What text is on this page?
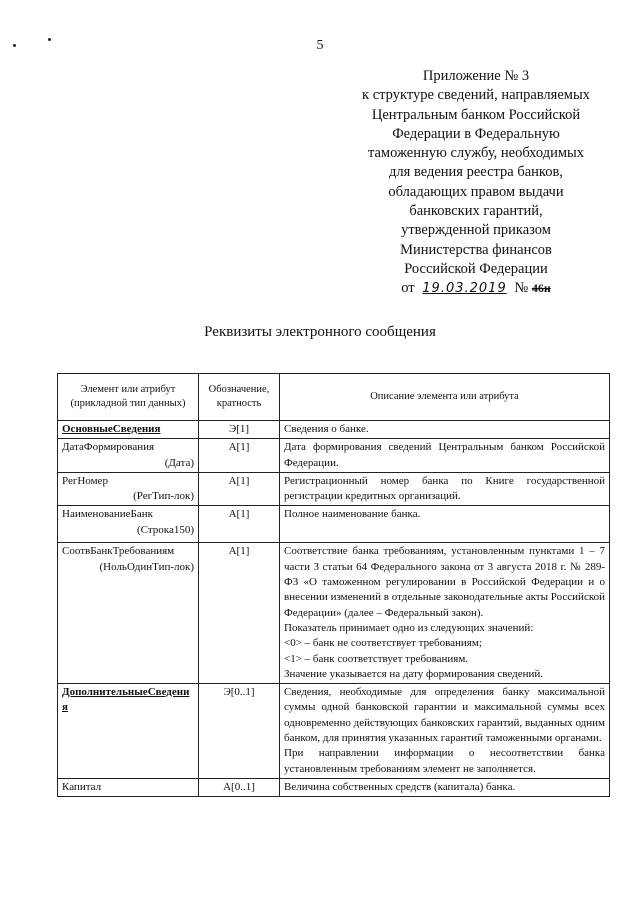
5
Приложение № 3
к структуре сведений, направляемых
Центральным банком Российской
Федерации в Федеральную
таможенную службу, необходимых
для ведения реестра банков,
обладающих правом выдачи
банковских гарантий,
утвержденной приказом
Министерства финансов
Российской Федерации
от 19.03.2019 № 46н
Реквизиты электронного сообщения
Элемент или атрибут (прикладной тип данных)	Обозначение, кратность	Описание элемента или атрибута
ОсновныеСведения	Э[1]	Сведения о банке.

ДатаФормирования
(Дата)	А[1]	Дата формирования сведений Центральным банком Российской Федерации.

РегНомер
(РегТип-лок)	А[1]	Регистрационный номер банка по Книге государственной регистрации кредитных организаций.

НаименованиеБанк
(Строка150)	А[1]	Полное наименование банка.

СоотвБанкТребованиям
(НольОдинТип-лок)	А[1]	Соответствие банка требованиям, установленным пунктами 1 – 7 части 3 статьи 64 Федерального закона от 3 августа 2018 г. № 289-ФЗ «О таможенном регулировании в Российской Федерации и о внесении изменений в отдельные законодательные акты Российской Федерации» (далее – Федеральный закон).
Показатель принимает одно из следующих значений:
<0> – банк не соответствует требованиям;
<1> – банк соответствует требованиям.
Значение указывается на дату формирования сведений.

ДополнительныеСведения	Э[0..1]	Сведения, необходимые для определения банку максимальной суммы одной банковской гарантии и максимальной суммы всех одновременно действующих банковских гарантий, выданных одним банком, для принятия указанных гарантий таможенными органами.
При направлении информации о несоответствии банка установленным требованиям элемент не заполняется.

Капитал	А[0..1]	Величина собственных средств (капитала) банка.
